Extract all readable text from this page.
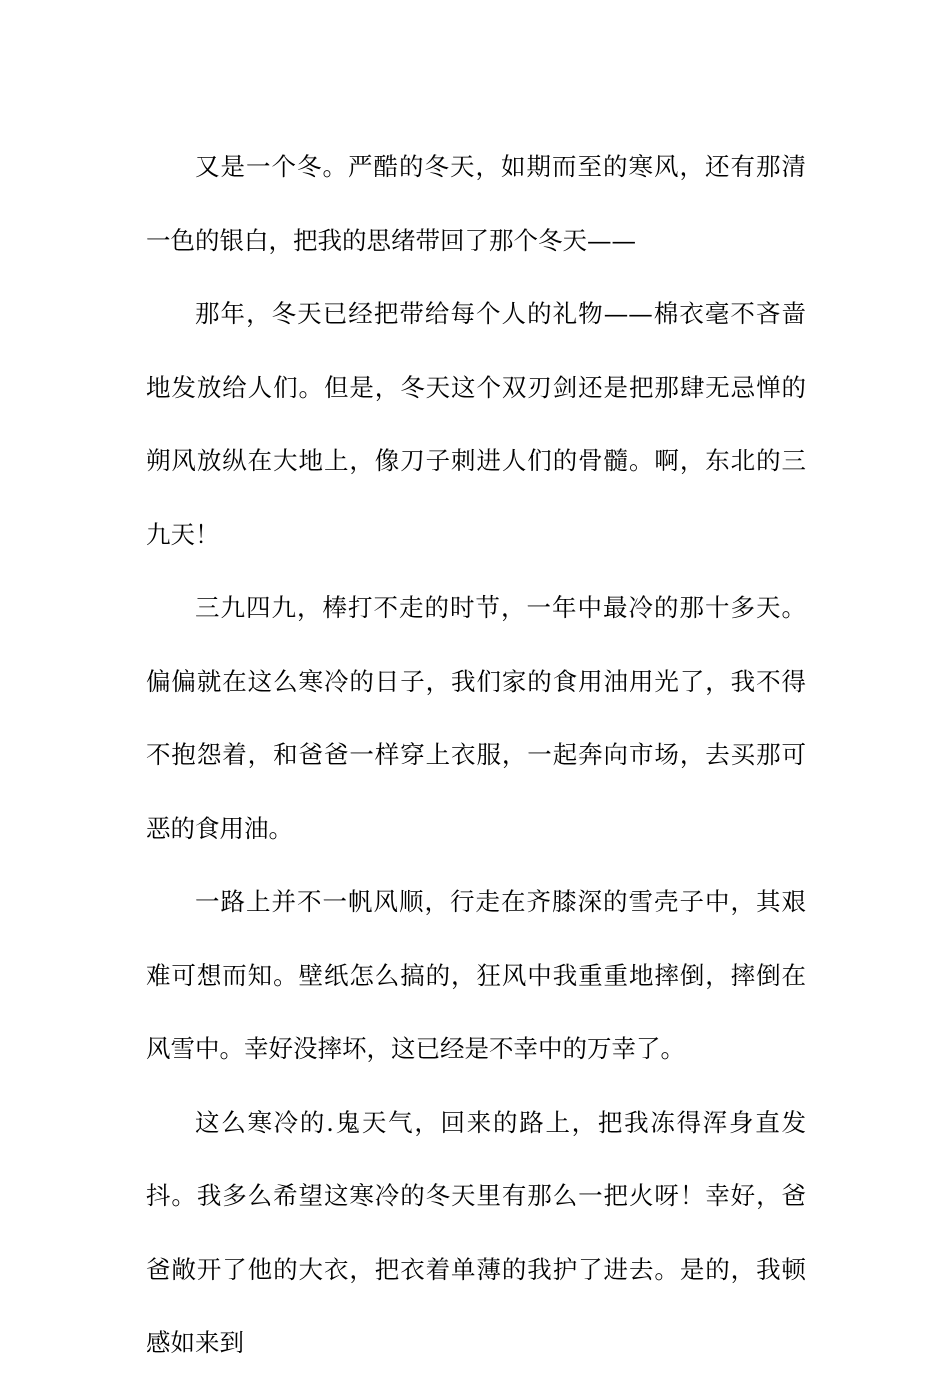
又是一个冬。严酷的冬天，如期而至的寒风，还有那清一色的银白，把我的思绪带回了那个冬天——

那年，冬天已经把带给每个人的礼物——棉衣毫不吝啬地发放给人们。但是，冬天这个双刃剑还是把那肆无忌惮的朔风放纵在大地上，像刀子刺进人们的骨髓。啊，东北的三九天！

三九四九，棒打不走的时节，一年中最冷的那十多天。偏偏就在这么寒冷的日子，我们家的食用油用光了，我不得不抱怨着，和爸爸一样穿上衣服，一起奔向市场，去买那可恶的食用油。

一路上并不一帆风顺，行走在齐膝深的雪壳子中，其艰难可想而知。壁纸怎么搞的，狂风中我重重地摔倒，摔倒在风雪中。幸好没摔坏，这已经是不幸中的万幸了。

这么寒冷的.鬼天气，回来的路上，把我冻得浑身直发抖。我多么希望这寒冷的冬天里有那么一把火呀！幸好，爸爸敞开了他的大衣，把衣着单薄的我护了进去。是的，我顿感如来到
